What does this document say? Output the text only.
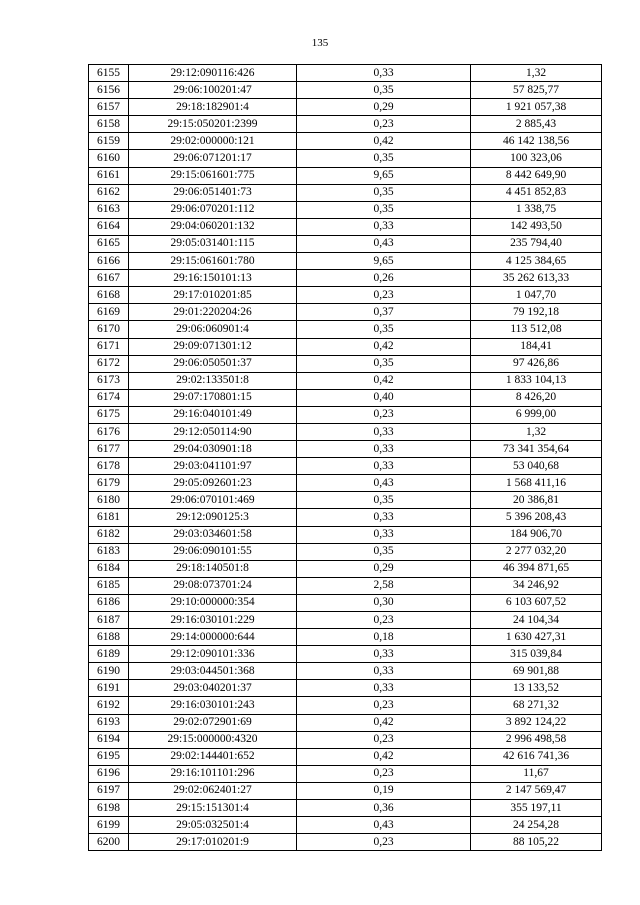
135
6155	29:12:090116:426	0,33	1,32
6156	29:06:100201:47	0,35	57 825,77
6157	29:18:182901:4	0,29	1 921 057,38
6158	29:15:050201:2399	0,23	2 885,43
6159	29:02:000000:121	0,42	46 142 138,56
6160	29:06:071201:17	0,35	100 323,06
6161	29:15:061601:775	9,65	8 442 649,90
6162	29:06:051401:73	0,35	4 451 852,83
6163	29:06:070201:112	0,35	1 338,75
6164	29:04:060201:132	0,33	142 493,50
6165	29:05:031401:115	0,43	235 794,40
6166	29:15:061601:780	9,65	4 125 384,65
6167	29:16:150101:13	0,26	35 262 613,33
6168	29:17:010201:85	0,23	1 047,70
6169	29:01:220204:26	0,37	79 192,18
6170	29:06:060901:4	0,35	113 512,08
6171	29:09:071301:12	0,42	184,41
6172	29:06:050501:37	0,35	97 426,86
6173	29:02:133501:8	0,42	1 833 104,13
6174	29:07:170801:15	0,40	8 426,20
6175	29:16:040101:49	0,23	6 999,00
6176	29:12:050114:90	0,33	1,32
6177	29:04:030901:18	0,33	73 341 354,64
6178	29:03:041101:97	0,33	53 040,68
6179	29:05:092601:23	0,43	1 568 411,16
6180	29:06:070101:469	0,35	20 386,81
6181	29:12:090125:3	0,33	5 396 208,43
6182	29:03:034601:58	0,33	184 906,70
6183	29:06:090101:55	0,35	2 277 032,20
6184	29:18:140501:8	0,29	46 394 871,65
6185	29:08:073701:24	2,58	34 246,92
6186	29:10:000000:354	0,30	6 103 607,52
6187	29:16:030101:229	0,23	24 104,34
6188	29:14:000000:644	0,18	1 630 427,31
6189	29:12:090101:336	0,33	315 039,84
6190	29:03:044501:368	0,33	69 901,88
6191	29:03:040201:37	0,33	13 133,52
6192	29:16:030101:243	0,23	68 271,32
6193	29:02:072901:69	0,42	3 892 124,22
6194	29:15:000000:4320	0,23	2 996 498,58
6195	29:02:144401:652	0,42	42 616 741,36
6196	29:16:101101:296	0,23	11,67
6197	29:02:062401:27	0,19	2 147 569,47
6198	29:15:151301:4	0,36	355 197,11
6199	29:05:032501:4	0,43	24 254,28
6200	29:17:010201:9	0,23	88 105,22
